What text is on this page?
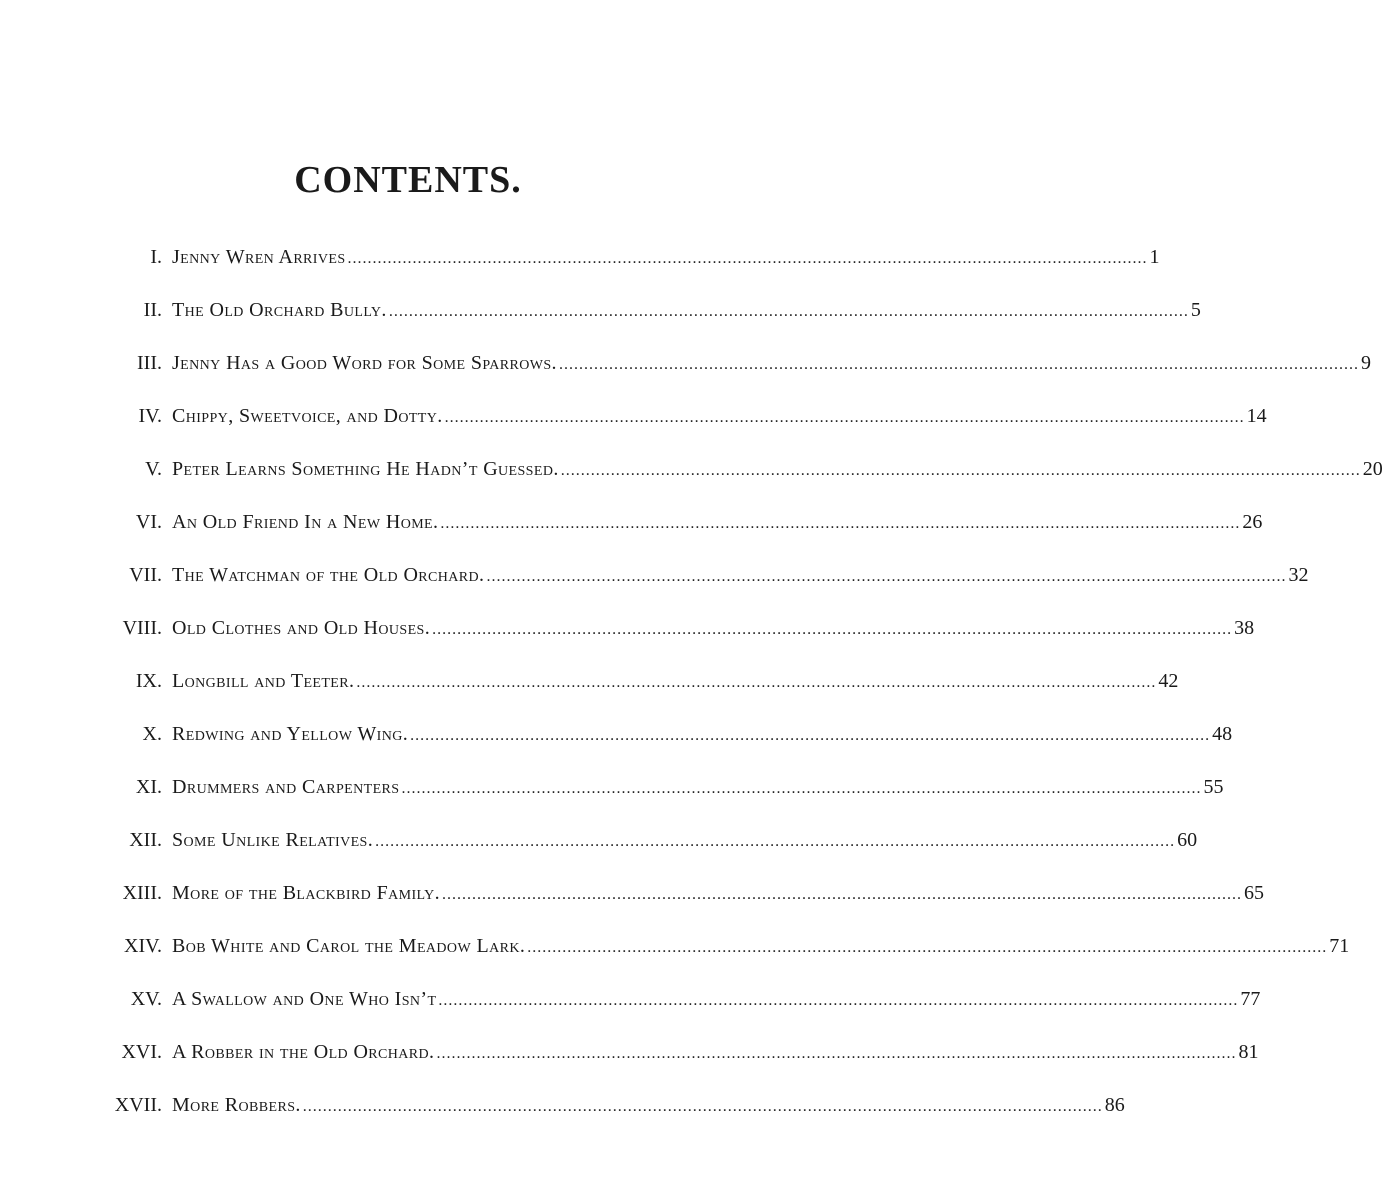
CONTENTS.
I. Jenny Wren Arrives .....	1
II. The Old Orchard Bully. .....	5
III. Jenny Has a Good Word for Some Sparrows. .....	9
IV. Chippy, Sweetvoice, and Dotty. .....	14
V. Peter Learns Something He Hadn’t Guessed. .....	20
VI. An Old Friend In a New Home. .....	26
VII. The Watchman of the Old Orchard. .....	32
VIII. Old Clothes and Old Houses. .....	38
IX. Longbill and Teeter. .....	42
X. Redwing and Yellow Wing. .....	48
XI. Drummers and Carpenters .....	55
XII. Some Unlike Relatives. .....	60
XIII. More of the Blackbird Family. .....	65
XIV. Bob White and Carol the Meadow Lark. .....	71
XV. A Swallow and One Who Isn’t .....	77
XVI. A Robber in the Old Orchard. .....	81
XVII. More Robbers. .....	86
